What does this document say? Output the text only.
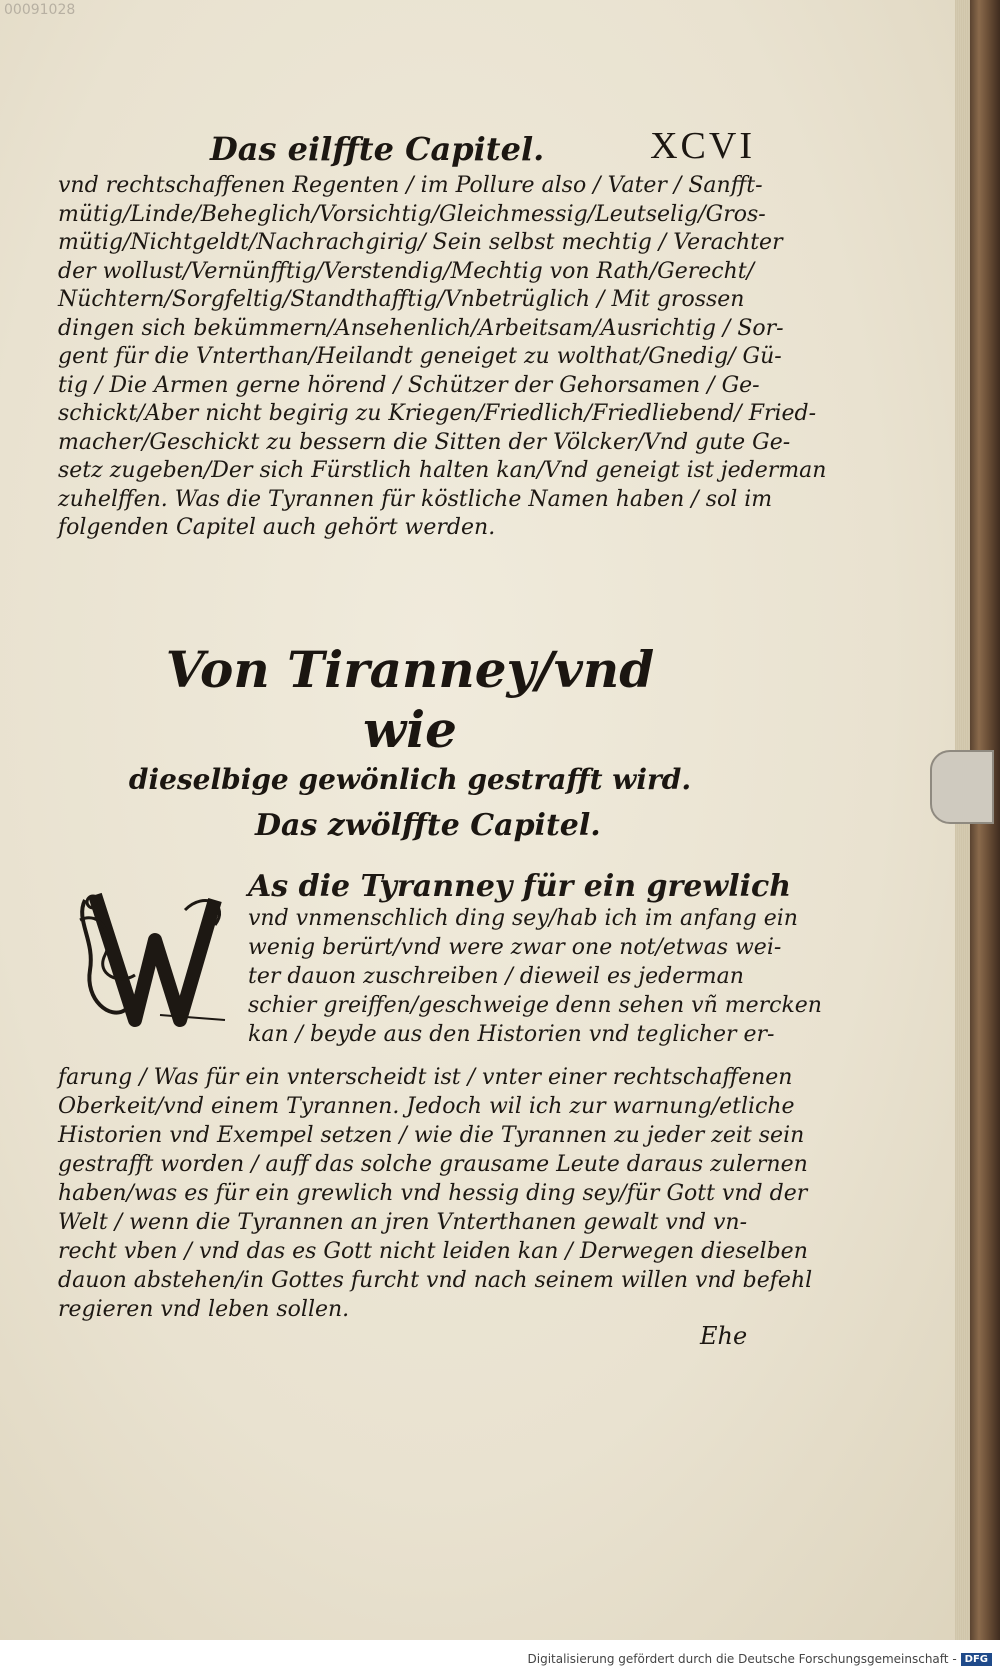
00091028
Das eilffte Capitel.	XCVI
vnd rechtschaffenen Regenten / im Pollure also / Vater / Sanfft-
mütig/Linde/Beheglich/Vorsichtig/Gleichmessig/Leutselig/Gros-
mütig/Nichtgeldt/Nachrachgirig/ Sein selbst mechtig / Verachter
der wollust/Vernünfftig/Verstendig/Mechtig von Rath/Gerecht/
Nüchtern/Sorgfeltig/Standthafftig/Vnbetrüglich / Mit grossen
dingen sich bekümmern/Ansehenlich/Arbeitsam/Ausrichtig / Sor-
gent für die Vnterthan/Heilandt geneiget zu wolthat/Gnedig/ Gü-
tig / Die Armen gerne hörend / Schützer der Gehorsamen / Ge-
schickt/Aber nicht begirig zu Kriegen/Friedlich/Friedliebend/ Fried-
macher/Geschickt zu bessern die Sitten der Völcker/Vnd gute Ge-
setz zugeben/Der sich Fürstlich halten kan/Vnd geneigt ist jederman
zuhelffen. Was die Tyrannen für köstliche Namen haben / sol im
folgenden Capitel auch gehört werden.
Von Tiranney/vnd wie
dieselbige gewönlich gestrafft wird.
Das zwölffte Capitel.
As die Tyranney für ein grewlich
vnd vnmenschlich ding sey/hab ich im anfang ein
wenig berürt/vnd were zwar one not/etwas wei-
ter dauon zuschreiben / dieweil es jederman
schier greiffen/geschweige denn sehen vñ mercken
kan / beyde aus den Historien vnd teglicher er-
farung / Was für ein vnterscheidt ist / vnter einer rechtschaffenen
Oberkeit/vnd einem Tyrannen. Jedoch wil ich zur warnung/etliche
Historien vnd Exempel setzen / wie die Tyrannen zu jeder zeit sein
gestrafft worden / auff das solche grausame Leute daraus zulernen
haben/was es für ein grewlich vnd hessig ding sey/für Gott vnd der
Welt / wenn die Tyrannen an jren Vnterthanen gewalt vnd vn-
recht vben / vnd das es Gott nicht leiden kan / Derwegen dieselben
dauon abstehen/in Gottes furcht vnd nach seinem willen vnd befehl
regieren vnd leben sollen.
Ehe
Digitalisierung gefördert durch die Deutsche Forschungsgemeinschaft - DFG
